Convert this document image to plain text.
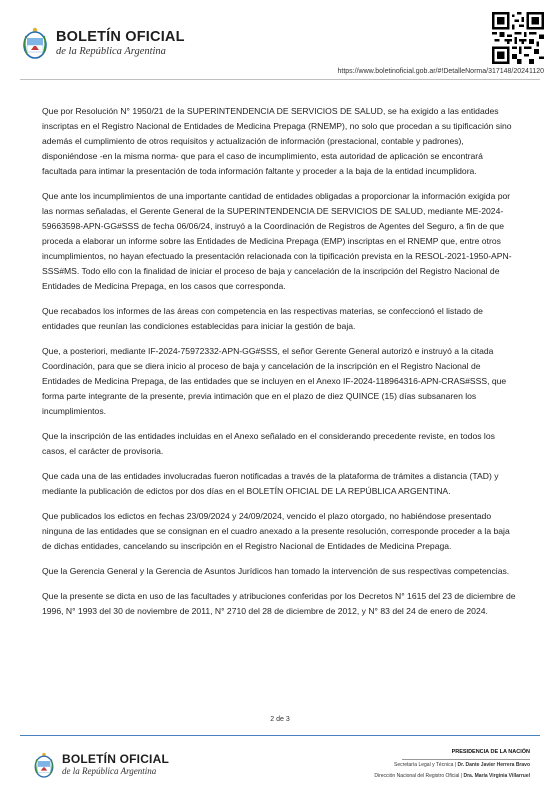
BOLETÍN OFICIAL
de la República Argentina
https://www.boletinoficial.gob.ar/#!DetalleNorma/317148/20241120

Que por Resolución N° 1950/21 de la SUPERINTENDENCIA DE SERVICIOS DE SALUD, se ha exigido a las entidades inscriptas en el Registro Nacional de Entidades de Medicina Prepaga (RNEMP), no solo que procedan a su tipificación sino además el cumplimiento de otros requisitos y actualización de información (prestacional, contable y padrones), disponiéndose -en la misma norma- que para el caso de incumplimiento, esta autoridad de aplicación se encontrará facultada para intimar la presentación de toda información faltante y proceder a la baja de la entidad incumplidora.

Que ante los incumplimientos de una importante cantidad de entidades obligadas a proporcionar la información exigida por las normas señaladas, el Gerente General de la SUPERINTENDENCIA DE SERVICIOS DE SALUD, mediante ME-2024-59663598-APN-GG#SSS de fecha 06/06/24, instruyó a la Coordinación de Registros de Agentes del Seguro, a fin de que proceda a elaborar un informe sobre las Entidades de Medicina Prepaga (EMP) inscriptas en el RNEMP que, entre otros incumplimientos, no hayan efectuado la presentación relacionada con la tipificación prevista en la RESOL-2021-1950-APN-SSS#MS. Todo ello con la finalidad de iniciar el proceso de baja y cancelación de la inscripción del Registro Nacional de Entidades de Medicina Prepaga, en los casos que corresponda.

Que recabados los informes de las áreas con competencia en las respectivas materias, se confeccionó el listado de entidades que reunían las condiciones establecidas para iniciar la gestión de baja.

Que, a posteriori, mediante IF-2024-75972332-APN-GG#SSS, el señor Gerente General autorizó e instruyó a la citada Coordinación, para que se diera inicio al proceso de baja y cancelación de la inscripción en el Registro Nacional de Entidades de Medicina Prepaga, de las entidades que se incluyen en el Anexo IF-2024-118964316-APN-CRAS#SSS, que forma parte integrante de la presente, previa intimación que en el plazo de diez QUINCE (15) días subsanaren los incumplimientos.

Que la inscripción de las entidades incluidas en el Anexo señalado en el considerando precedente reviste, en todos los casos, el carácter de provisoria.

Que cada una de las entidades involucradas fueron notificadas a través de la plataforma de trámites a distancia (TAD) y mediante la publicación de edictos por dos días en el BOLETÍN OFICIAL DE LA REPÚBLICA ARGENTINA.

Que publicados los edictos en fechas 23/09/2024 y 24/09/2024, vencido el plazo otorgado, no habiéndose presentado ninguna de las entidades que se consignan en el cuadro anexado a la presente resolución, corresponde proceder a la baja de dichas entidades, cancelando su inscripción en el Registro Nacional de Entidades de Medicina Prepaga.

Que la Gerencia General y la Gerencia de Asuntos Jurídicos han tomado la intervención de sus respectivas competencias.

Que la presente se dicta en uso de las facultades y atribuciones conferidas por los Decretos N° 1615 del 23 de diciembre de 1996, N° 1993 del 30 de noviembre de 2011, N° 2710 del 28 de diciembre de 2012, y N° 83 del 24 de enero de 2024.

2 de 3
BOLETÍN OFICIAL
de la República Argentina
PRESIDENCIA DE LA NACIÓN
Secretaría Legal y Técnica | Dr. Dante Javier Herrera Bravo
Dirección Nacional del Registro Oficial | Dra. María Virginia Villarruel
